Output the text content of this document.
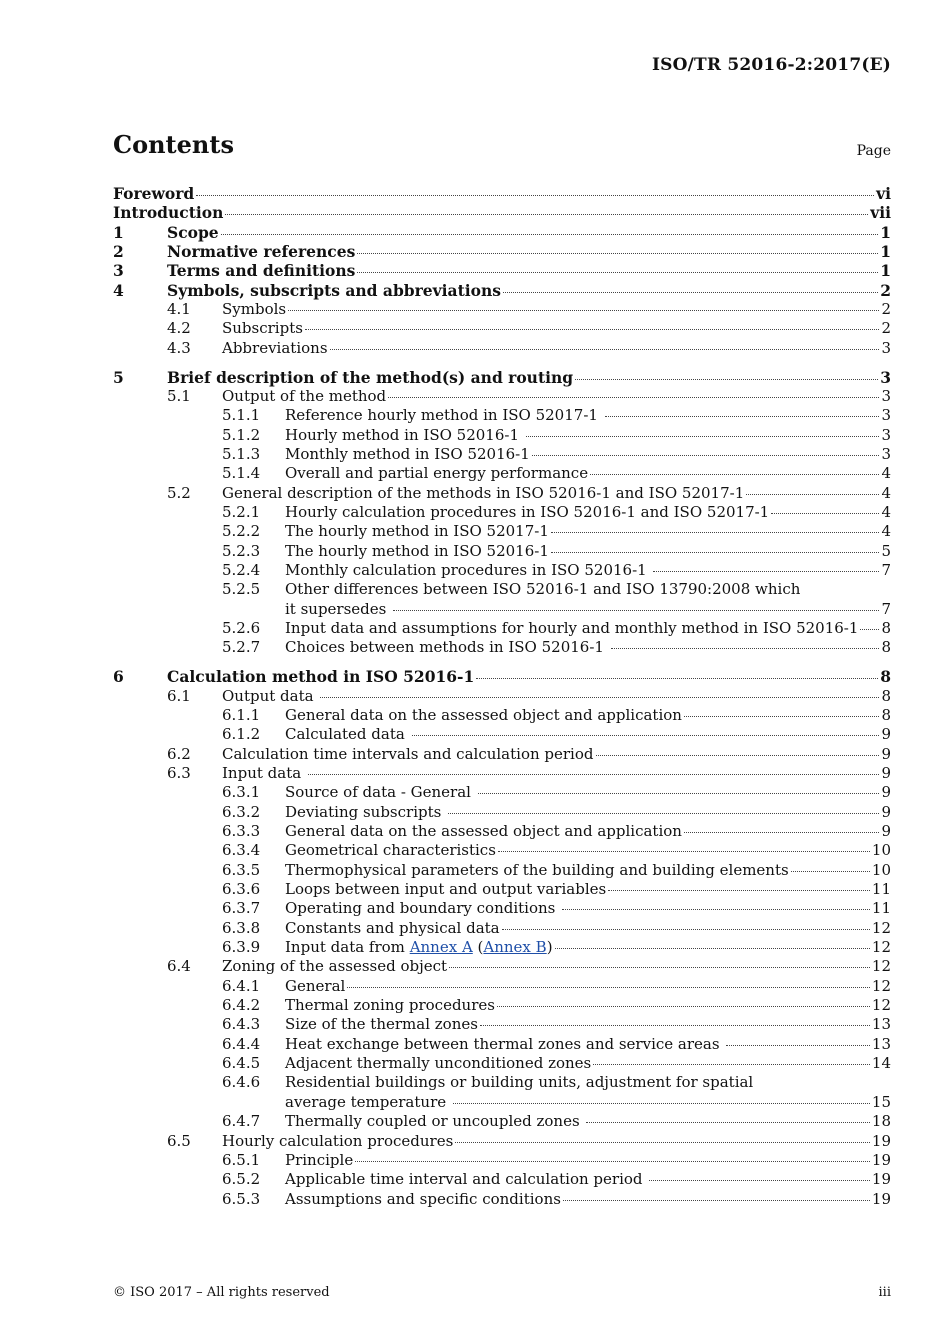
ISO/TR 52016-2:2017(E)
Contents	Page
Foreword	vi
Introduction	vii
1	Scope	1
2	Normative references	1
3	Terms and definitions	1
4	Symbols, subscripts and abbreviations	2
4.1	Symbols	2
4.2	Subscripts	2
4.3	Abbreviations	3
5	Brief description of the method(s) and routing	3
5.1	Output of the method	3
5.1.1	Reference hourly method in ISO 52017-1	3
5.1.2	Hourly method in ISO 52016-1	3
5.1.3	Monthly method in ISO 52016-1	3
5.1.4	Overall and partial energy performance	4
5.2	General description of the methods in ISO 52016-1 and ISO 52017-1	4
5.2.1	Hourly calculation procedures in ISO 52016-1 and ISO 52017-1	4
5.2.2	The hourly method in ISO 52017-1	4
5.2.3	The hourly method in ISO 52016-1	5
5.2.4	Monthly calculation procedures in ISO 52016-1	7
5.2.5	Other differences between ISO 52016-1 and ISO 13790:2008 which
it supersedes	7
5.2.6	Input data and assumptions for hourly and monthly method in ISO 52016-1 8
5.2.7	Choices between methods in ISO 52016-1	8
6	Calculation method in ISO 52016-1	8
6.1	Output data	8
6.1.1	General data on the assessed object and application	8
6.1.2	Calculated data	9
6.2	Calculation time intervals and calculation period	9
6.3	Input data	9
6.3.1	Source of data - General	9
6.3.2	Deviating subscripts	9
6.3.3	General data on the assessed object and application	9
6.3.4	Geometrical characteristics	10
6.3.5	Thermophysical parameters of the building and building elements	10
6.3.6	Loops between input and output variables	11
6.3.7	Operating and boundary conditions	11
6.3.8	Constants and physical data	12
6.3.9	Input data from Annex A (Annex B)	12
6.4	Zoning of the assessed object	12
6.4.1	General	12
6.4.2	Thermal zoning procedures	12
6.4.3	Size of the thermal zones	13
6.4.4	Heat exchange between thermal zones and service areas	13
6.4.5	Adjacent thermally unconditioned zones	14
6.4.6	Residential buildings or building units, adjustment for spatial
average temperature	15
6.4.7	Thermally coupled or uncoupled zones	18
6.5	Hourly calculation procedures	19
6.5.1	Principle	19
6.5.2	Applicable time interval and calculation period	19
6.5.3	Assumptions and specific conditions	19
© ISO 2017 – All rights reserved	iii
